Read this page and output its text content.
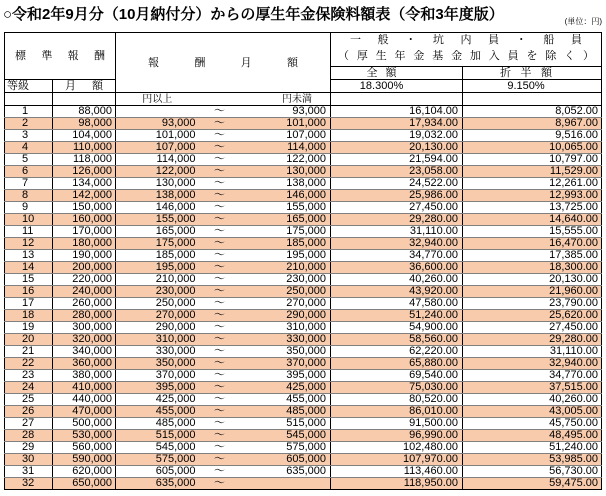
○令和2年9月分（10月納付分）からの厚生年金保険料額表（令和3年度版）	(単位：円)
標 準 報 酬		報 酬 月 額			一 般 ・ 坑 内 員 ・ 船 員
（ 厚 生 年 金 基 金 加 入 員 を 除 く ）	

					全 額	折 半 額

等級	月 額				18.300%	9.150%
		円以上		円未満		
1	88,000		～	93,000	16,104.00	8,052.00
2	98,000	93,000	～	101,000	17,934.00	8,967.00
3	104,000	101,000	～	107,000	19,032.00	9,516.00
4	110,000	107,000	～	114,000	20,130.00	10,065.00
5	118,000	114,000	～	122,000	21,594.00	10,797.00
6	126,000	122,000	～	130,000	23,058.00	11,529.00
7	134,000	130,000	～	138,000	24,522.00	12,261.00
8	142,000	138,000	～	146,000	25,986.00	12,993.00
9	150,000	146,000	～	155,000	27,450.00	13,725.00
10	160,000	155,000	～	165,000	29,280.00	14,640.00
11	170,000	165,000	～	175,000	31,110.00	15,555.00
12	180,000	175,000	～	185,000	32,940.00	16,470.00
13	190,000	185,000	～	195,000	34,770.00	17,385.00
14	200,000	195,000	～	210,000	36,600.00	18,300.00
15	220,000	210,000	～	230,000	40,260.00	20,130.00
16	240,000	230,000	～	250,000	43,920.00	21,960.00
17	260,000	250,000	～	270,000	47,580.00	23,790.00
18	280,000	270,000	～	290,000	51,240.00	25,620.00
19	300,000	290,000	～	310,000	54,900.00	27,450.00
20	320,000	310,000	～	330,000	58,560.00	29,280.00
21	340,000	330,000	～	350,000	62,220.00	31,110.00
22	360,000	350,000	～	370,000	65,880.00	32,940.00
23	380,000	370,000	～	395,000	69,540.00	34,770.00
24	410,000	395,000	～	425,000	75,030.00	37,515.00
25	440,000	425,000	～	455,000	80,520.00	40,260.00
26	470,000	455,000	～	485,000	86,010.00	43,005.00
27	500,000	485,000	～	515,000	91,500.00	45,750.00
28	530,000	515,000	～	545,000	96,990.00	48,495.00
29	560,000	545,000	～	575,000	102,480.00	51,240.00
30	590,000	575,000	～	605,000	107,970.00	53,985.00
31	620,000	605,000	～	635,000	113,460.00	56,730.00
32	650,000	635,000	～		118,950.00	59,475.00
